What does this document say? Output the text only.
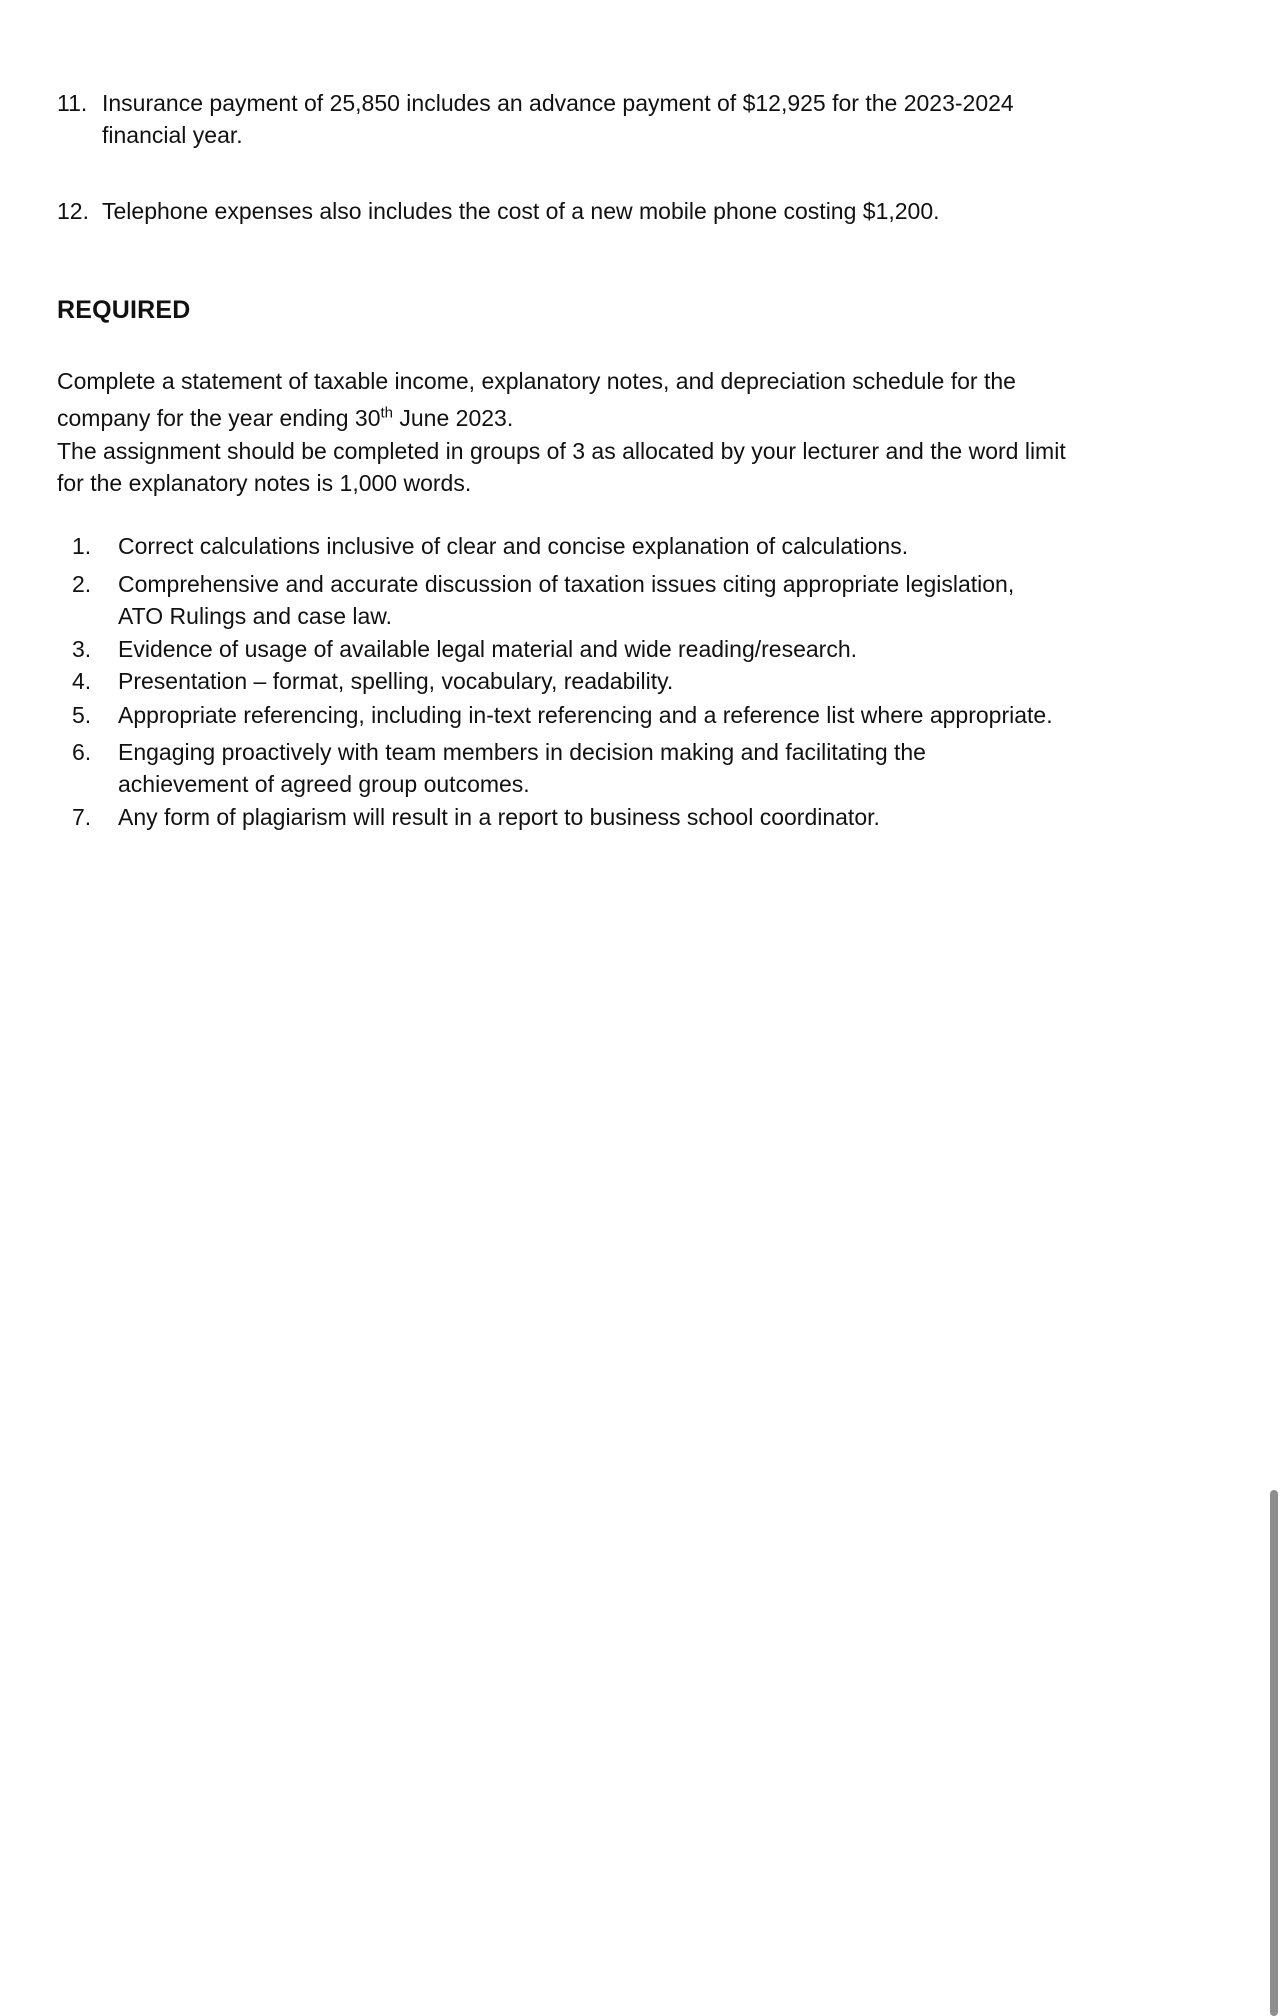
11. Insurance payment of 25,850 includes an advance payment of $12,925 for the 2023-2024
financial year.
12. Telephone expenses also includes the cost of a new mobile phone costing $1,200.
REQUIRED
Complete a statement of taxable income, explanatory notes, and depreciation schedule for the
company for the year ending 30th June 2023.
The assignment should be completed in groups of 3 as allocated by your lecturer and the word limit
for the explanatory notes is 1,000 words.
1. Correct calculations inclusive of clear and concise explanation of calculations.
2. Comprehensive and accurate discussion of taxation issues citing appropriate legislation,
ATO Rulings and case law.
3. Evidence of usage of available legal material and wide reading/research.
4. Presentation – format, spelling, vocabulary, readability.
5. Appropriate referencing, including in-text referencing and a reference list where appropriate.
6. Engaging proactively with team members in decision making and facilitating the
achievement of agreed group outcomes.
7. Any form of plagiarism will result in a report to business school coordinator.
